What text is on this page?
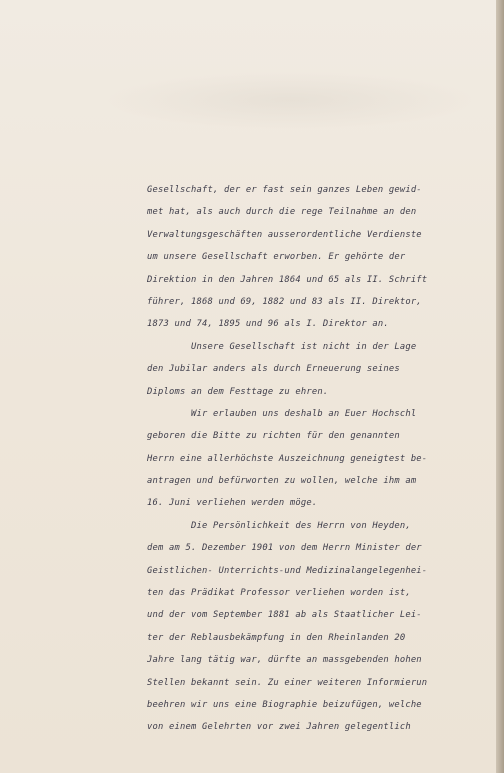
Gesellschaft, der er fast sein ganzes Leben gewid-
met hat, als auch durch die rege Teilnahme an den
Verwaltungsgeschäften ausserordentliche Verdienste
um unsere Gesellschaft erworben. Er gehörte der
Direktion in den Jahren 1864 und 65 als II. Schrift
führer, 1868 und 69, 1882 und 83 als II. Direktor,
1873 und 74, 1895 und 96 als I. Direktor an.
Unsere Gesellschaft ist nicht in der Lage
den Jubilar anders als durch Erneuerung seines
Diploms an dem Festtage zu ehren.
Wir erlauben uns deshalb an Euer Hochschl
geboren die Bitte zu richten für den genannten
Herrn eine allerhöchste Auszeichnung geneigtest be-
antragen und befürworten zu wollen, welche ihm am
16. Juni verliehen werden möge.
Die Persönlichkeit des Herrn von Heyden,
dem am 5. Dezember 1901 von dem Herrn Minister der
Geistlichen- Unterrichts-und Medizinalangelegenhei-
ten das Prädikat Professor verliehen worden ist,
und der vom September 1881 ab als Staatlicher Lei-
ter der Reblausbekämpfung in den Rheinlanden 20
Jahre lang tätig war, dürfte an massgebenden hohen
Stellen bekannt sein. Zu einer weiteren Informierun
beehren wir uns eine Biographie beizufügen, welche
von einem Gelehrten vor zwei Jahren gelegentlich
